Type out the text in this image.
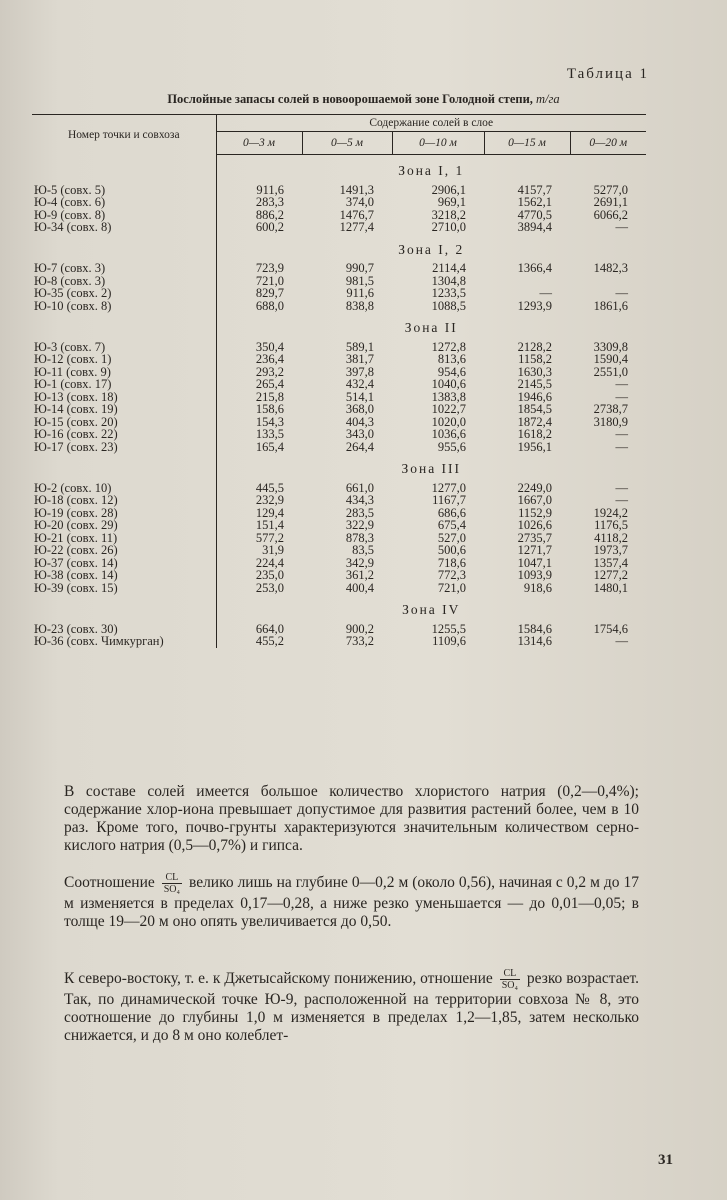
Таблица 1
Послойные запасы солей в новоорошаемой зоне Голодной степи, т/га
Номер точки и совхоза	Содержание солей в слое				
	0—3 м	0—5 м	0—10 м	0—15 м	0—20 м
	Зона I, 1				
Ю-5 (совх. 5)	911,6	1491,3	2906,1	4157,7	5277,0
Ю-4 (совх. 6)	283,3	374,0	969,1	1562,1	2691,1
Ю-9 (совх. 8)	886,2	1476,7	3218,2	4770,5	6066,2
Ю-34 (совх. 8)	600,2	1277,4	2710,0	3894,4	—
	Зона I, 2				
Ю-7 (совх. 3)	723,9	990,7	2114,4	1366,4	1482,3
Ю-8 (совх. 3)	721,0	981,5	1304,8		
Ю-35 (совх. 2)	829,7	911,6	1233,5	—	—
Ю-10 (совх. 8)	688,0	838,8	1088,5	1293,9	1861,6
	Зона II				
Ю-3 (совх. 7)	350,4	589,1	1272,8	2128,2	3309,8
Ю-12 (совх. 1)	236,4	381,7	813,6	1158,2	1590,4
Ю-11 (совх. 9)	293,2	397,8	954,6	1630,3	2551,0
Ю-1 (совх. 17)	265,4	432,4	1040,6	2145,5	—
Ю-13 (совх. 18)	215,8	514,1	1383,8	1946,6	—
Ю-14 (совх. 19)	158,6	368,0	1022,7	1854,5	2738,7
Ю-15 (совх. 20)	154,3	404,3	1020,0	1872,4	3180,9
Ю-16 (совх. 22)	133,5	343,0	1036,6	1618,2	—
Ю-17 (совх. 23)	165,4	264,4	955,6	1956,1	—
	Зона III				
Ю-2 (совх. 10)	445,5	661,0	1277,0	2249,0	—
Ю-18 (совх. 12)	232,9	434,3	1167,7	1667,0	—
Ю-19 (совх. 28)	129,4	283,5	686,6	1152,9	1924,2
Ю-20 (совх. 29)	151,4	322,9	675,4	1026,6	1176,5
Ю-21 (совх. 11)	577,2	878,3	527,0	2735,7	4118,2
Ю-22 (совх. 26)	31,9	83,5	500,6	1271,7	1973,7
Ю-37 (совх. 14)	224,4	342,9	718,6	1047,1	1357,4
Ю-38 (совх. 14)	235,0	361,2	772,3	1093,9	1277,2
Ю-39 (совх. 15)	253,0	400,4	721,0	918,6	1480,1
	Зона IV				
Ю-23 (совх. 30)	664,0	900,2	1255,5	1584,6	1754,6
Ю-36 (совх. Чимкурган)	455,2	733,2	1109,6	1314,6	—
В составе солей имеется большое количество хлористого натрия (0,2—0,4%); содержание хлор-иона превышает допустимое для развития растений более, чем в 10 раз. Кроме того, почво-грунты характеризуются значительным количеством серно-кислого натрия (0,5—0,7%) и гипса.
Соотношение $\frac{CL}{\text{SO₄}}$ велико лишь на глубине 0—0,2 м (около 0,56), начиная с 0,2 м до 17 м изменяется в пределах 0,17—0,28, а ниже резко уменьшается — до 0,01—0,05; в толще 19—20 м оно опять увеличивается до 0,50.
К северо-востоку, т. е. к Джетысайскому понижению, отношение $\frac{CL}{\text{SO₄}}$ резко возрастает. Так, по динамической точке Ю-9, расположенной на территории совхоза № 8, это соотношение до глубины 1,0 м изменяется в пределах 1,2—1,85, затем несколько снижается, и до 8 м оно колеблет-
31
